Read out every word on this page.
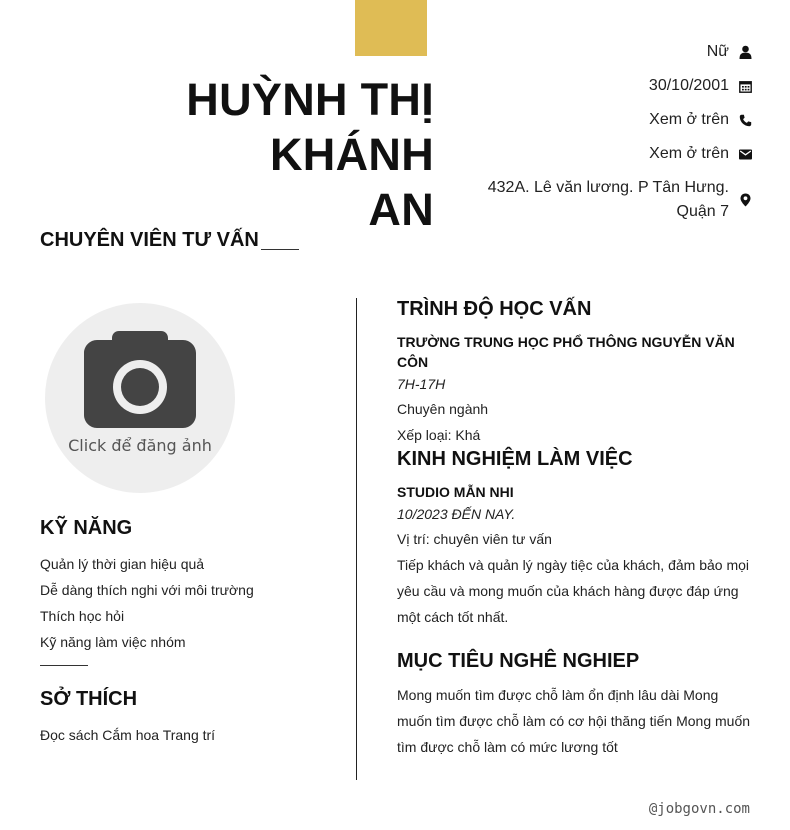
HUỲNH THỊ KHÁNH
AN
Nữ
30/10/2001
Xem ở trên
Xem ở trên
432A. Lê văn lương. P Tân Hưng.
Quận 7
CHUYÊN VIÊN TƯ VẤN
Click để đăng ảnh
KỸ NĂNG
Quản lý thời gian hiệu quả
Dễ dàng thích nghi với môi trường
Thích học hỏi
Kỹ năng làm việc nhóm
SỞ THÍCH
Đọc sách Cắm hoa Trang trí
TRÌNH ĐỘ HỌC VẤN
TRƯỜNG TRUNG HỌC PHỔ THÔNG NGUYỄN VĂN CÔN
7H-17H
Chuyên ngành
Xếp loại: Khá
KINH NGHIỆM LÀM VIỆC
STUDIO MẪN NHI
10/2023 ĐẾN NAY.
Vị trí: chuyên viên tư vấn
Tiếp khách và quản lý ngày tiệc của khách, đảm bảo mọi
yêu cầu và mong muốn của khách hàng được đáp ứng
một cách tốt nhất.
MỤC TIÊU NGHÊ NGHIEP
Mong muốn tìm được chỗ làm ổn định lâu dài Mong
muốn tìm được chỗ làm có cơ hội thăng tiến Mong muốn
tìm được chỗ làm có mức lương tốt
@jobgovn.com
